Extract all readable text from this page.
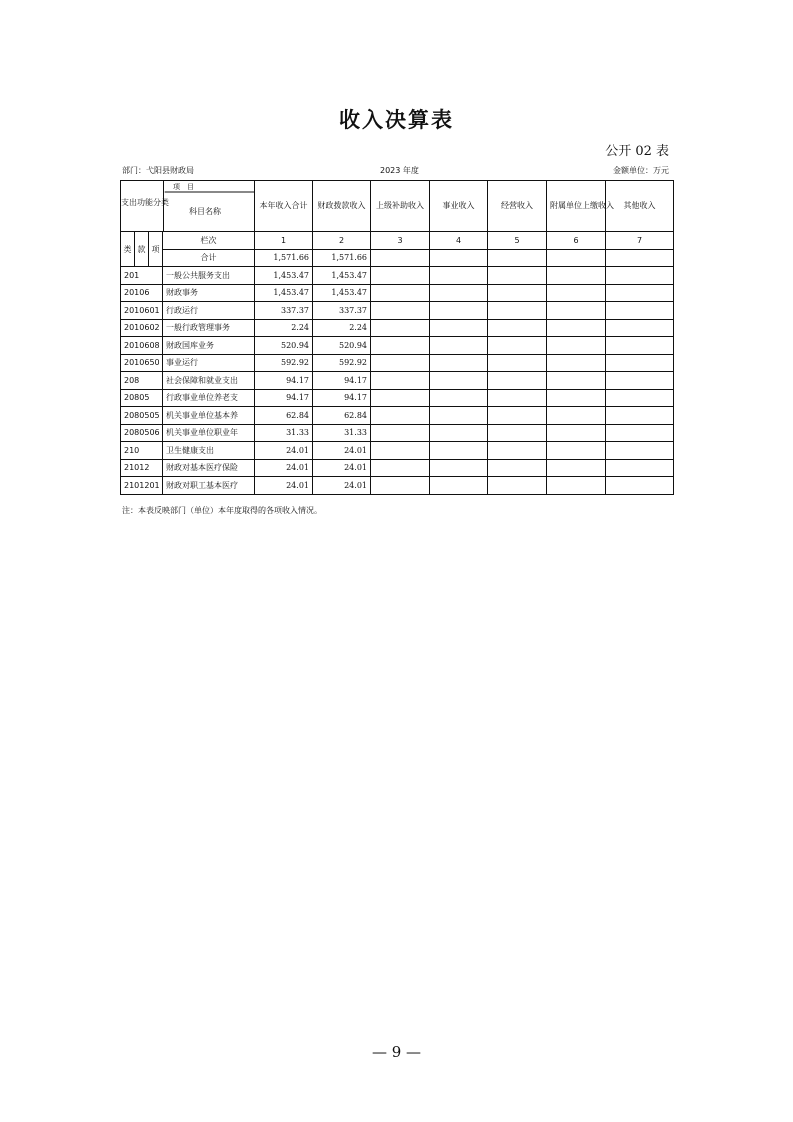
收入决算表
公开 02 表
部门：弋阳县财政局	2023 年度	金额单位：万元
项　目
支出功能分类
科目名称				本年收入合计	财政拨款收入	上级补助收入	事业收入	经营收入	附属单位上缴收入	其他收入
类	款	项	栏次	1	2	3	4	5	6	7
			合计	1,571.66	1,571.66					
201			一般公共服务支出	1,453.47	1,453.47					
20106			财政事务	1,453.47	1,453.47					
2010601			行政运行	337.37	337.37					
2010602			一般行政管理事务	2.24	2.24					
2010608			财政国库业务	520.94	520.94					
2010650			事业运行	592.92	592.92					
208			社会保障和就业支出	94.17	94.17					
20805			行政事业单位养老支	94.17	94.17					
2080505			机关事业单位基本养	62.84	62.84					
2080506			机关事业单位职业年	31.33	31.33					
210			卫生健康支出	24.01	24.01					
21012			财政对基本医疗保险	24.01	24.01					
2101201			财政对职工基本医疗	24.01	24.01					
注：本表反映部门（单位）本年度取得的各项收入情况。
— 9 —
